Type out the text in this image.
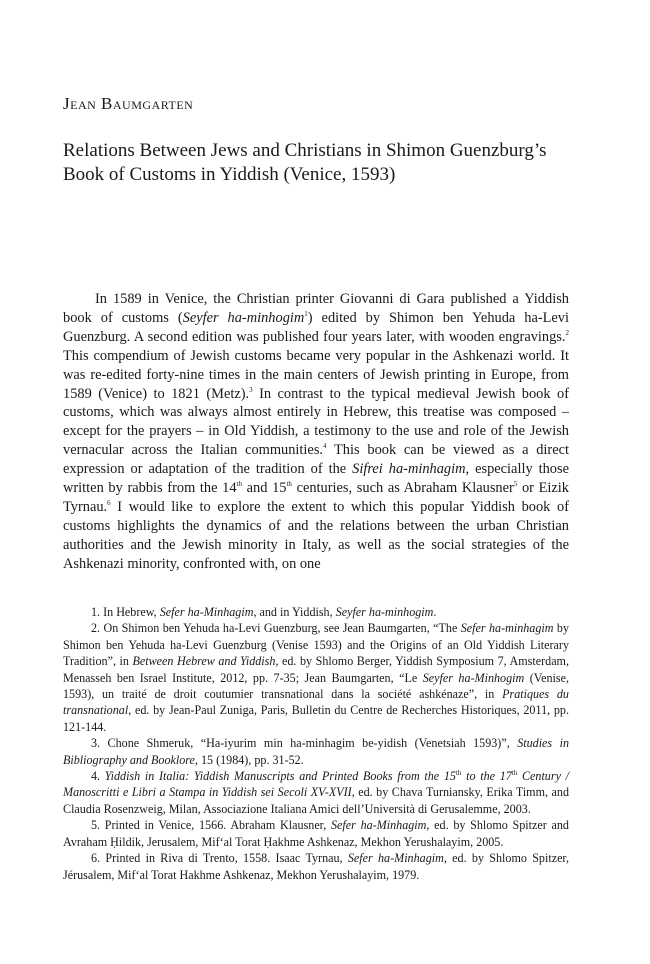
Jean Baumgarten
Relations Between Jews and Christians in Shimon Guenzburg’s Book of Customs in Yiddish (Venice, 1593)

In 1589 in Venice, the Christian printer Giovanni di Gara published a Yiddish book of customs (Seyfer ha-minhogim$^1$) edited by Shimon ben Yehuda ha-Levi Guenzburg. A second edition was published four years later, with wooden engravings.$^2$ This compendium of Jewish customs became very popular in the Ashkenazi world. It was re-edited forty-nine times in the main centers of Jewish printing in Europe, from 1589 (Venice) to 1821 (Metz).$^3$ In contrast to the typical medieval Jewish book of customs, which was always almost entirely in Hebrew, this treatise was composed – except for the prayers – in Old Yiddish, a testimony to the use and role of the Jewish vernacular across the Italian communities.$^4$ This book can be viewed as a direct expression or adaptation of the tradition of the Sifrei ha-minhagim, especially those written by rabbis from the 14th and 15th centuries, such as Abraham Klausner$^5$ or Eizik Tyrnau.$^6$ I would like to explore the extent to which this popular Yiddish book of customs highlights the dynamics of and the relations between the urban Christian authorities and the Jewish minority in Italy, as well as the social strategies of the Ashkenazi minority, confronted with, on one

1. In Hebrew, Sefer ha-Minhagim, and in Yiddish, Seyfer ha-minhogim.

2. On Shimon ben Yehuda ha-Levi Guenzburg, see Jean Baumgarten, “The Sefer ha-minhagim by Shimon ben Yehuda ha-Levi Guenzburg (Venise 1593) and the Origins of an Old Yiddish Literary Tradition”, in Between Hebrew and Yiddish, ed. by Shlomo Berger, Yiddish Symposium 7, Amsterdam, Menasseh ben Israel Institute, 2012, pp. 7-35; Jean Baumgarten, “Le Seyfer ha-Minhogim (Venise, 1593), un traité de droit coutumier transnational dans la société ashkénaze”, in Pratiques du transnational, ed. by Jean-Paul Zuniga, Paris, Bulletin du Centre de Recherches Historiques, 2011, pp. 121-144.

3. Chone Shmeruk, “Ha-iyurim min ha-minhagim be-yidish (Venetsiah 1593)”, Studies in Bibliography and Booklore, 15 (1984), pp. 31-52.

4. Yiddish in Italia: Yiddish Manuscripts and Printed Books from the 15th to the 17th Century / Manoscritti e Libri a Stampa in Yiddish sei Secoli XV-XVII, ed. by Chava Turniansky, Erika Timm, and Claudia Rosenzweig, Milan, Associazione Italiana Amici dell’Università di Gerusalemme, 2003.

5. Printed in Venice, 1566. Abraham Klausner, Sefer ha-Minhagim, ed. by Shlomo Spitzer and Avraham Ḥildik, Jerusalem, Mif‘al Torat Ḥakhme Ashkenaz, Mekhon Yerushalayim, 2005.

6. Printed in Riva di Trento, 1558. Isaac Tyrnau, Sefer ha-Minhagim, ed. by Shlomo Spitzer, Jérusalem, Mif‘al Torat Hakhme Ashkenaz, Mekhon Yerushalayim, 1979.
